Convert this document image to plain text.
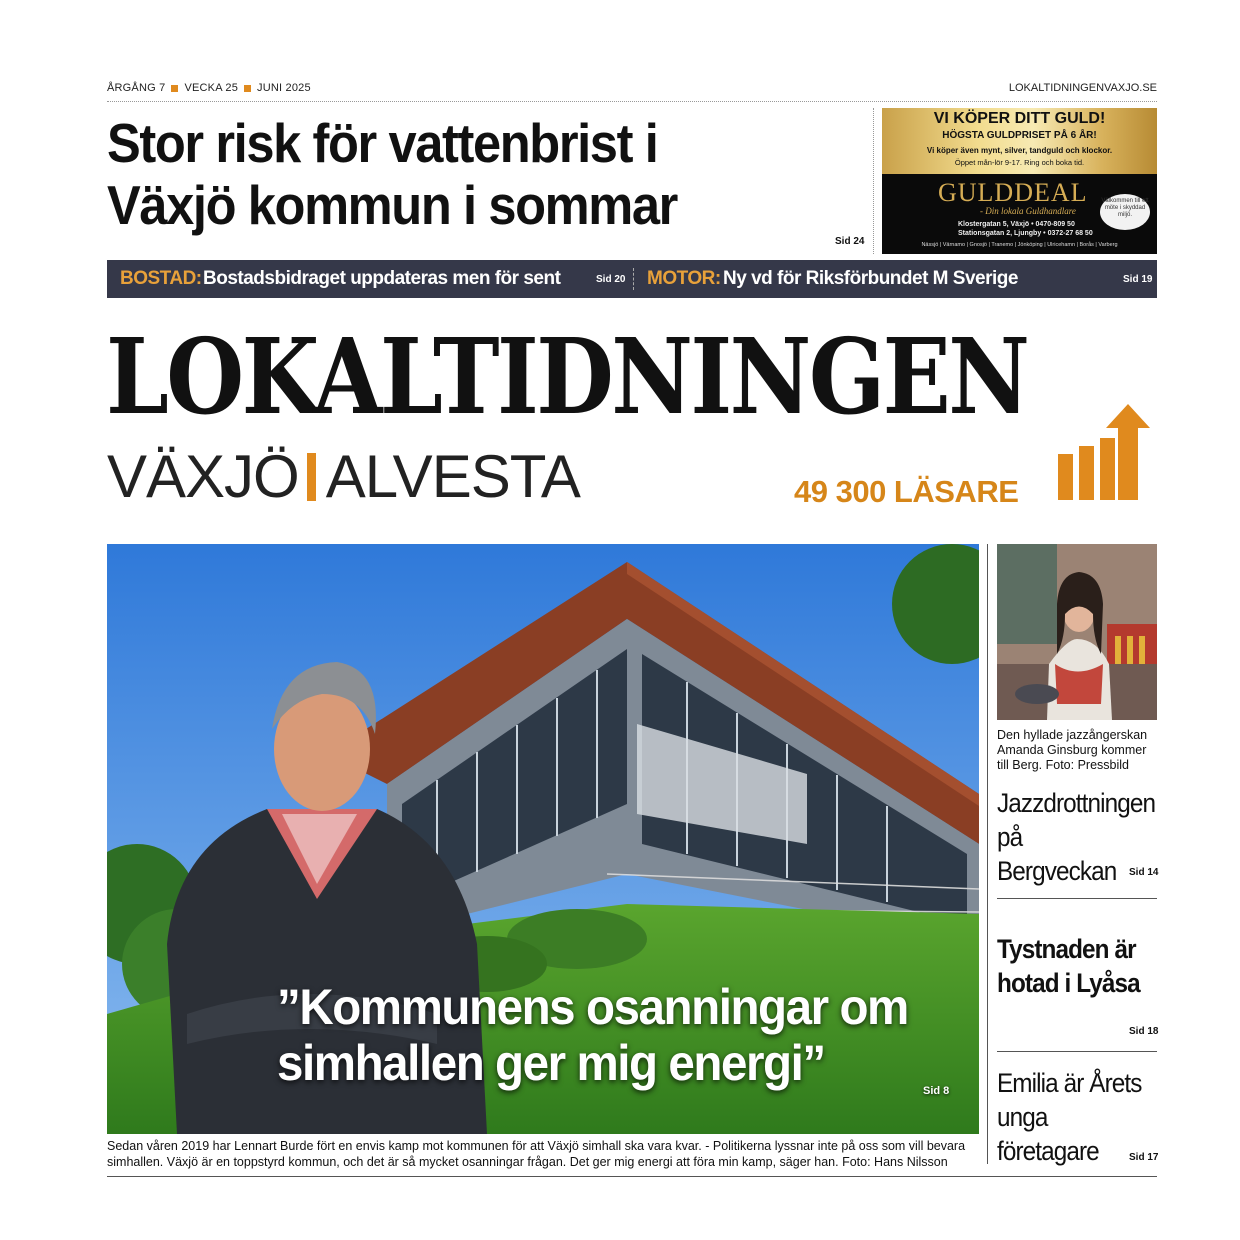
ÅRGÅNG 7 VECKA 25 JUNI 2025	LOKALTIDNINGENVAXJO.SE
Stor risk för vattenbrist i Växjö kommun i sommar
Sid 24
VI KÖPER DITT GULD!
HÖGSTA GULDPRISET PÅ 6 ÅR!
Vi köper även mynt, silver, tandguld och klockor.
Öppet mån-lör 9-17. Ring och boka tid.
GULDDEAL
- Din lokala Guldhandlare
Klostergatan 5, Växjö • 0470-809 50
Stationsgatan 2, Ljungby • 0372-27 68 50
Välkommen till ett möte i skyddad miljö.
Nässjö | Värnamo | Gnosjö | Tranemo | Jönköping | Ulricehamn | Borås | Varberg
BOSTAD: Bostadsbidraget uppdateras men för sent	Sid 20 MOTOR: Ny vd för Riksförbundet M Sverige	Sid 19
LOKALTIDNINGEN
VÄXJÖ ALVESTA	49 300 LÄSARE
”Kommunens osanningar om simhallen ger mig energi”	Sid 8
Sedan våren 2019 har Lennart Burde fört en envis kamp mot kommunen för att Växjö simhall ska vara kvar. - Politikerna lyssnar inte på oss som vill bevara simhallen. Växjö är en toppstyrd kommun, och det är så mycket osanningar frågan. Det ger mig energi att föra min kamp, säger han. Foto: Hans Nilsson
Den hyllade jazzångerskan Amanda Ginsburg kommer till Berg. Foto: Pressbild
Jazzdrottningen på Bergveckan	Sid 14
Tystnaden är hotad i Lyåsa
Sid 18
Emilia är Årets unga företagare	Sid 17
